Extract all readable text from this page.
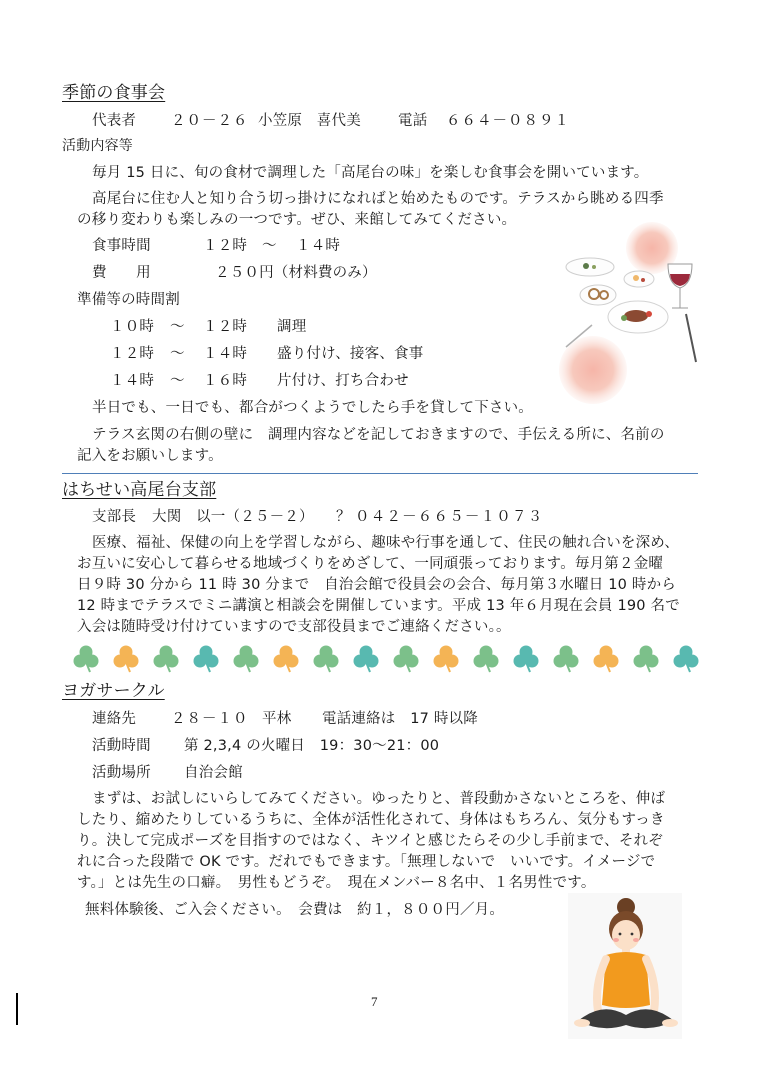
季節の食事会
代表者 ２０－２６ 小笠原　喜代美	電話 ６６４－０８９１
活動内容等
毎月 15 日に、旬の食材で調理した「高尾台の味」を楽しむ食事会を開いています。
高尾台に住む人と知り合う切っ掛けになればと始めたものです。テラスから眺める四季
の移り変わりも楽しみの一つです。ぜひ、来館してみてください。
食事時間	１２時 ～ １４時
費　　用	２５０円（材料費のみ）
準備等の時間割
１０時 ～ １２時 調理
１２時 ～ １４時 盛り付け、接客、食事
１４時 ～ １６時 片付け、打ち合わせ
半日でも、一日でも、都合がつくようでしたら手を貸して下さい。
テラス玄関の右側の壁に　調理内容などを記しておきますので、手伝える所に、名前の
記入をお願いします。
はちせい高尾台支部
支部長 大関　以一（２５－２） ？ ０４２－６６５－１０７３
医療、福祉、保健の向上を学習しながら、趣味や行事を通して、住民の触れ合いを深め、
お互いに安心して暮らせる地域づくりをめざして、一同頑張っております。毎月第２金曜
日９時 30 分から 11 時 30 分まで　自治会館で役員会の会合、毎月第３水曜日 10 時から
12 時までテラスでミニ講演と相談会を開催しています。平成 13 年６月現在会員 190 名で
入会は随時受け付けていますので支部役員までご連絡ください。。
ヨガサークル
連絡先 ２８－１０ 平林 電話連絡は　17 時以降
活動時間 第 2,3,4 の火曜日　19：30～21：00
活動場所 自治会館
まずは、お試しにいらしてみてください。ゆったりと、普段動かさないところを、伸ば
したり、縮めたりしているうちに、全体が活性化されて、身体はもちろん、気分もすっき
り。決して完成ポーズを目指すのではなく、キツイと感じたらその少し手前まで、それぞ
れに合った段階で OK です。だれでもできます。「無理しないで　いいです。イメージで
す。」とは先生の口癖。　男性もどうぞ。　現在メンバー８名中、１名男性です。
無料体験後、ご入会ください。　会費は　約１，８００円／月。
7
